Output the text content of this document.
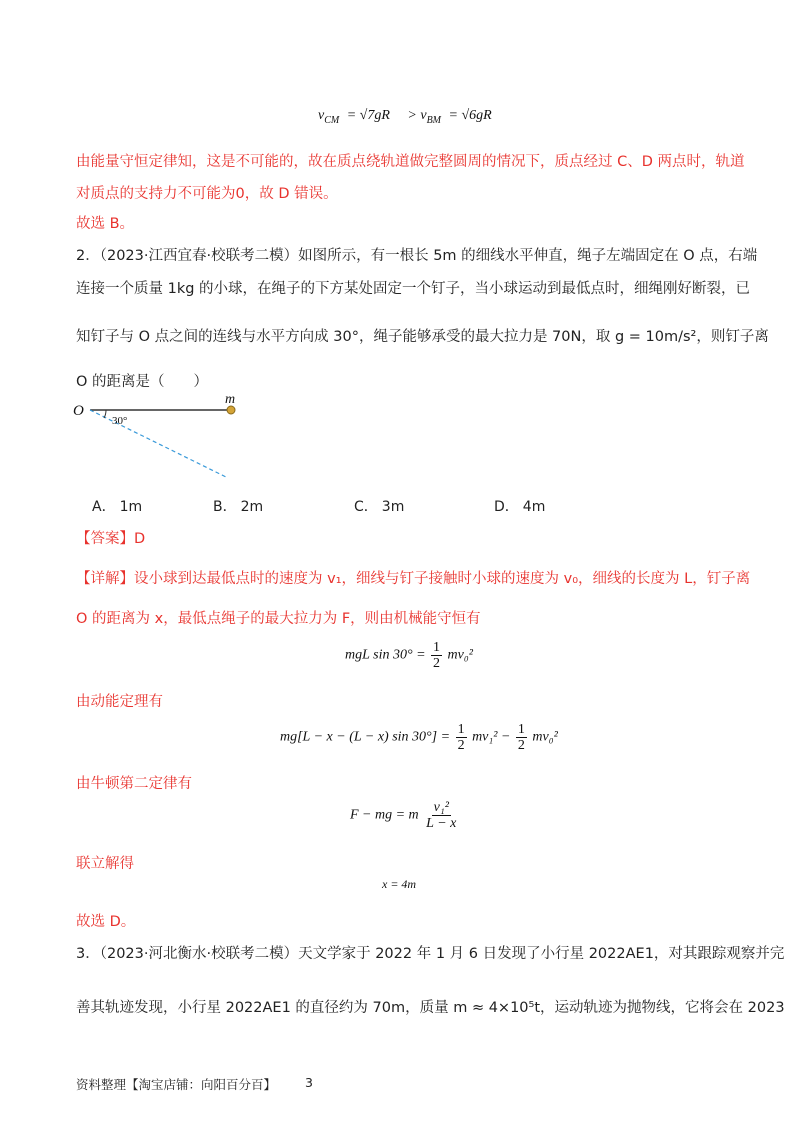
$v_{CM} = √7gR > v_{BM} = √6gR$
由能量守恒定律知，这是不可能的，故在质点绕轨道做完整圆周的情况下，质点经过 C、D 两点时，轨道
对质点的支持力不可能为0，故 D 错误。
故选 B。
2．（2023·江西宜春·校联考二模）如图所示，有一根长 5m 的细线水平伸直，绳子左端固定在 O 点，右端
连接一个质量 1kg 的小球，在绳子的下方某处固定一个钉子，当小球运动到最低点时，细绳刚好断裂，已
知钉子与 O 点之间的连线与水平方向成 30°，绳子能够承受的最大拉力是 70N，取 g = 10m/s²，则钉子离
O 的距离是（　　）
O
m
30°
A． 1m	B． 2m	C． 3m	D． 4m
【答案】D
【详解】设小球到达最低点时的速度为 v₁，细线与钉子接触时小球的速度为 v₀，细线的长度为 L，钉子离
O 的距离为 x，最低点绳子的最大拉力为 F，则由机械能守恒有
mgL $\sin 30^\circ = \frac{1}{2} mv_0^2$
由动能定理有
mg[L − x − (L − x) $\sin 30^\circ] = \frac{1}{2} mv_1^2 - \frac{1}{2} mv_0^2$
由牛顿第二定律有
F − mg = m $\frac{\text{v₁²}}{L - x}$
联立解得
x = 4m
故选 D。
3．（2023·河北衡水·校联考二模）天文学家于 2022 年 1 月 6 日发现了小行星 2022AE1，对其跟踪观察并完
善其轨迹发现，小行星 2022AE1 的直径约为 70m，质量 m ≈ 4×10⁵t，运动轨迹为抛物线，它将会在 2023
资料整理【淘宝店铺：向阳百分百】 3
